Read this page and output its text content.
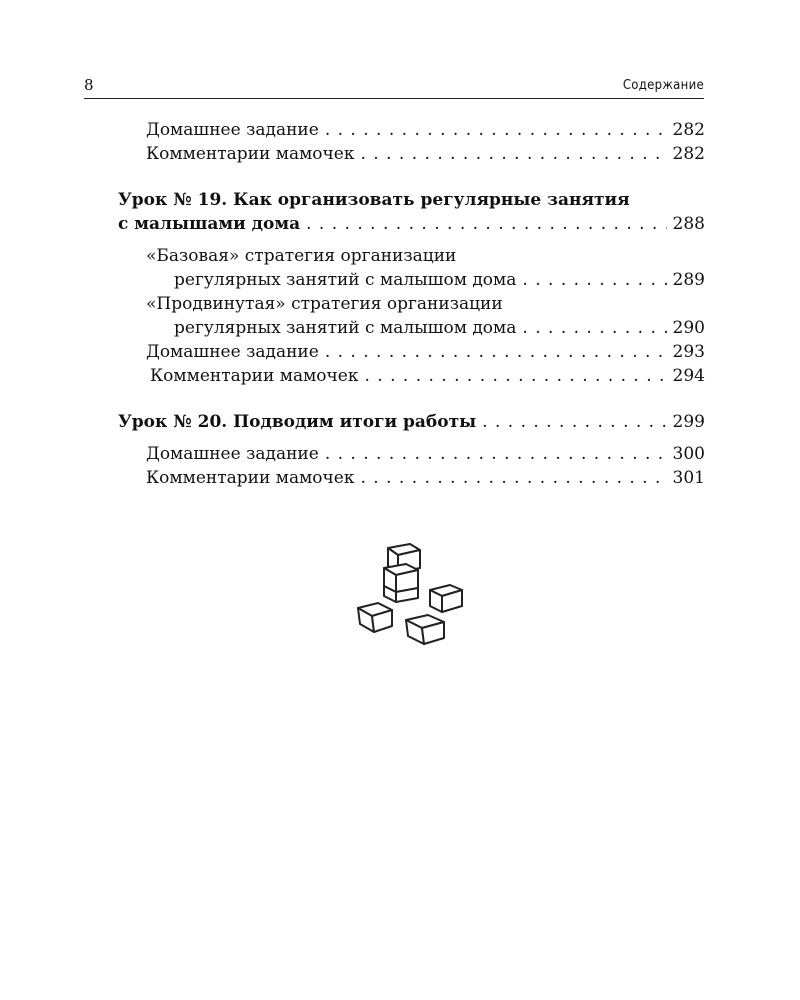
8	Содержание
Домашнее задание . . .	282
Комментарии мамочек . . .	282
Урок № 19. Как организовать регулярные занятия
с малышами дома . . .	288
«Базовая» стратегия организации
регулярных занятий с малышом дома . . .	289
«Продвинутая» стратегия организации
регулярных занятий с малышом дома . . .	290
Домашнее задание . . .	293
Комментарии мамочек . . .	294
Урок № 20. Подводим итоги работы . . .	299
Домашнее задание . . .	300
Комментарии мамочек . . .	301
